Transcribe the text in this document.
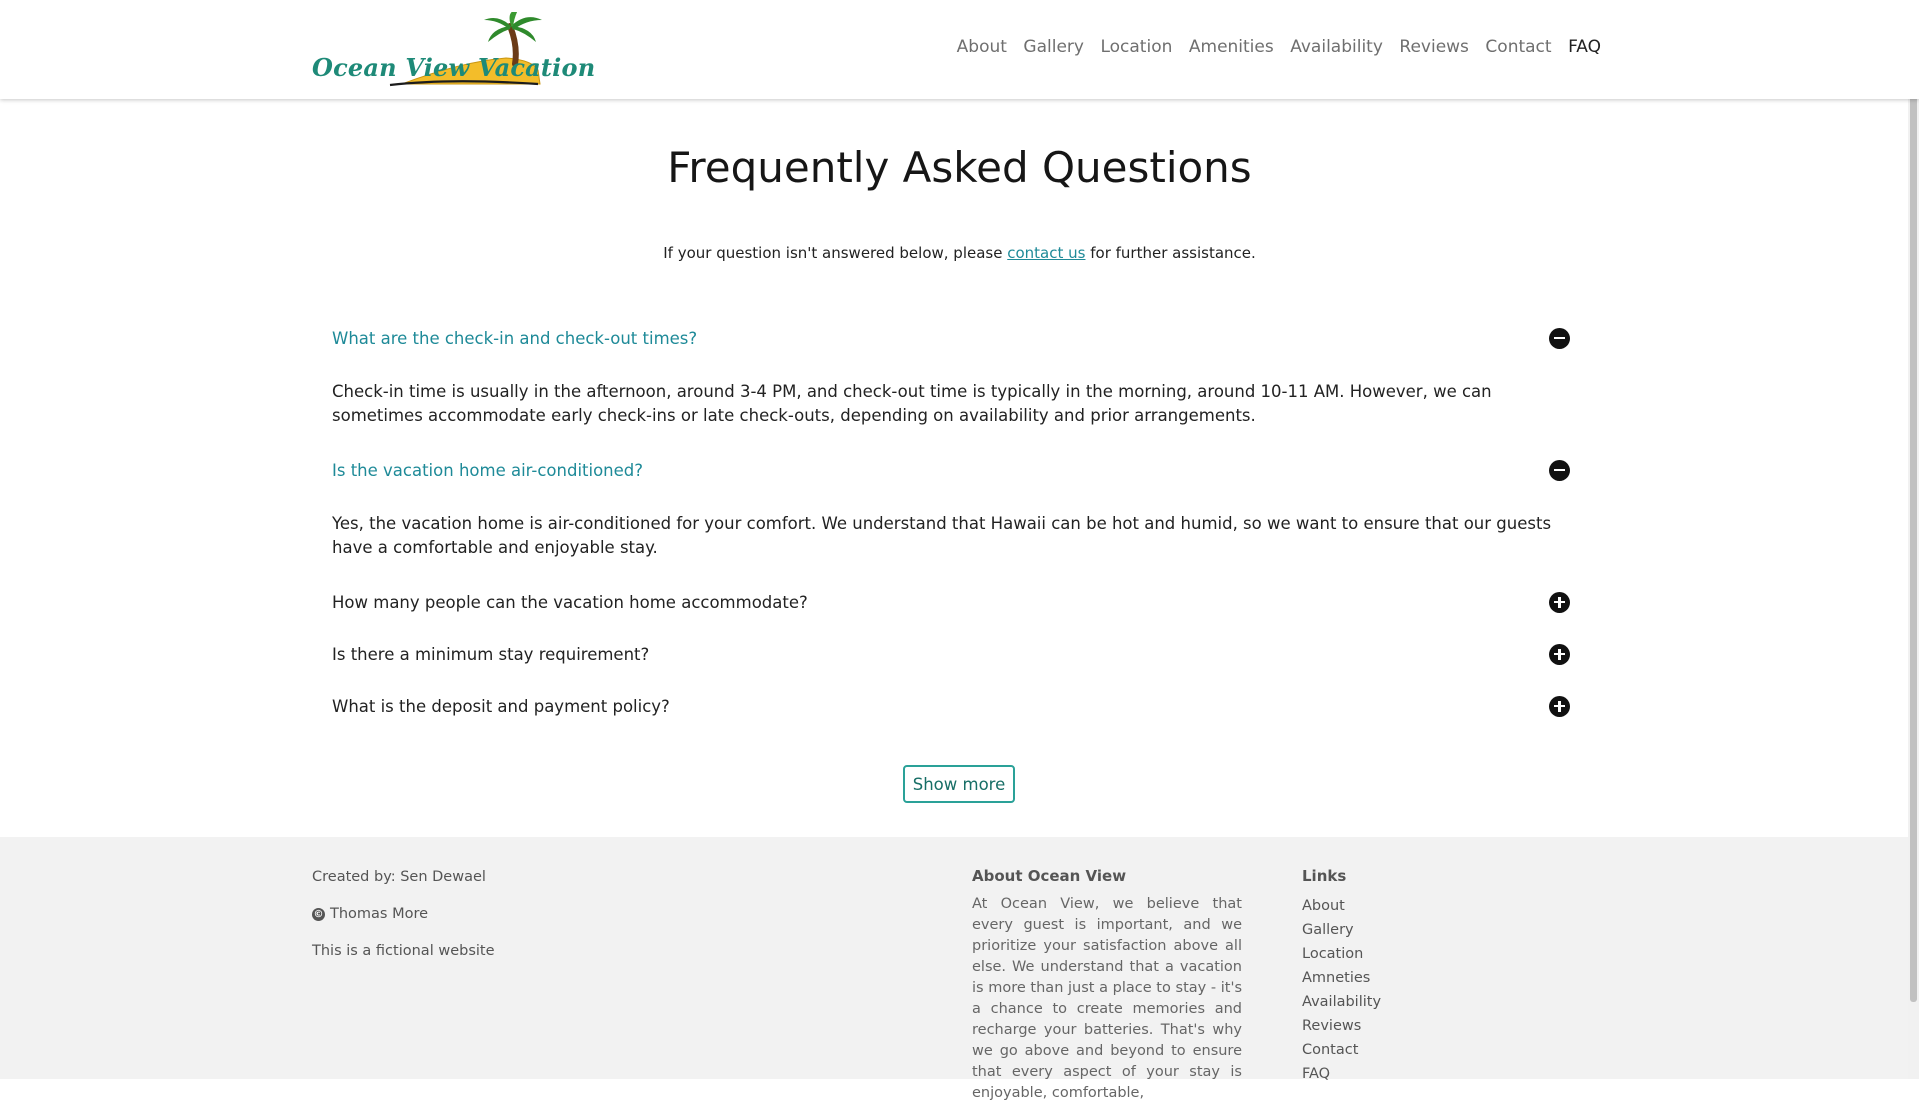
Ocean View Vacation
About Gallery Location Amenities Availability Reviews Contact FAQ
Frequently Asked Questions
If your question isn't answered below, please contact us for further assistance.
What are the check-in and check-out times?
Check-in time is usually in the afternoon, around 3-4 PM, and check-out time is typically in the morning, around 10-11 AM. However, we can sometimes accommodate early check-ins or late check-outs, depending on availability and prior arrangements.
Is the vacation home air-conditioned?
Yes, the vacation home is air-conditioned for your comfort. We understand that Hawaii can be hot and humid, so we want to ensure that our guests have a comfortable and enjoyable stay.
How many people can the vacation home accommodate?
Is there a minimum stay requirement?
What is the deposit and payment policy?
Show more
Created by: Sen Dewael
© Thomas More
This is a fictional website
About Ocean View

At Ocean View, we believe that every guest is important, and we prioritize your satisfaction above all else. We understand that a vacation is more than just a place to stay - it's a chance to create memories and recharge your batteries. That's why we go above and beyond to ensure that every aspect of your stay is enjoyable, comfortable,

Links
About
Gallery
Location
Amneties
Availability
Reviews
Contact
FAQ
